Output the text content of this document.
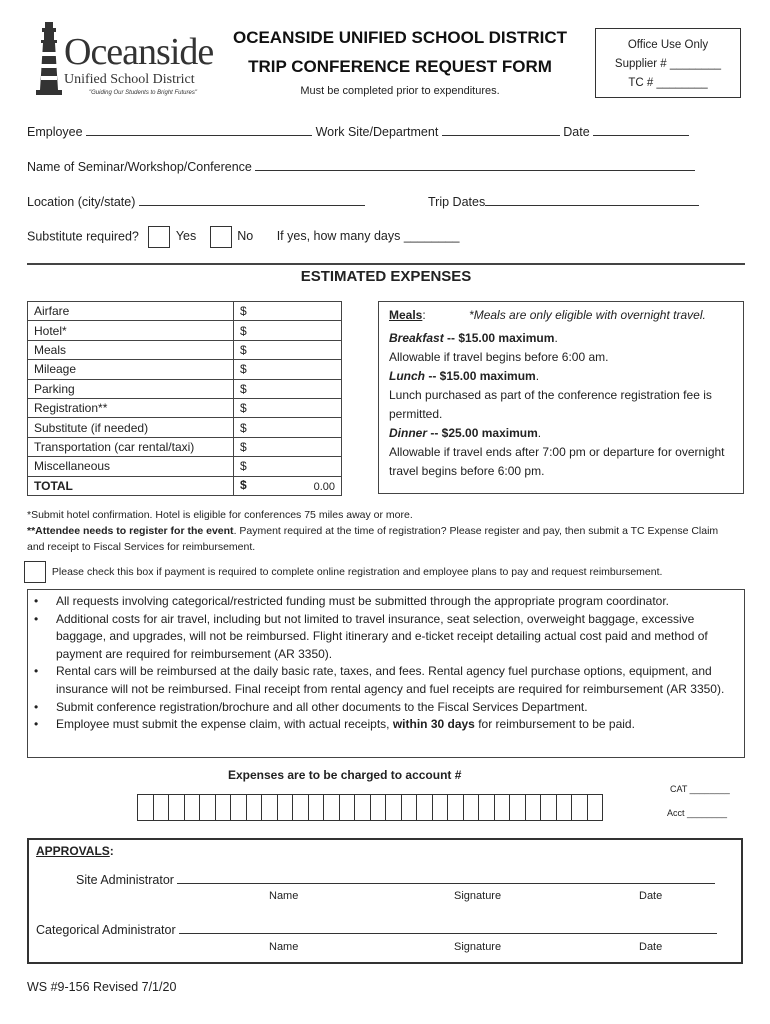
Oceanside
Unified School District
"Guiding Our Students to Bright Futures"
OCEANSIDE UNIFIED SCHOOL DISTRICT
TRIP CONFERENCE REQUEST FORM
Must be completed prior to expenditures.
Office Use Only
Supplier # ________
TC # ________
Employee	Work Site/Department	Date
Name of Seminar/Workshop/Conference
Location (city/state)	Trip Dates
Substitute required?	Yes	No If yes, how many days ________
ESTIMATED EXPENSES
Airfare	$

Hotel*	$

Meals	$

Mileage	$

Parking	$

Registration**	$

Substitute (if needed)	$

Transportation (car rental/taxi)	$

Miscellaneous	$

TOTAL	$ 0.00
Meals:	*Meals are only eligible with overnight travel.
Breakfast -- $15.00 maximum.
Allowable if travel begins before 6:00 am.
Lunch -- $15.00 maximum.
Lunch purchased as part of the conference registration fee is permitted.
Dinner -- $25.00 maximum.
Allowable if travel ends after 7:00 pm or departure for overnight travel begins before 6:00 pm.
*Submit hotel confirmation. Hotel is eligible for conferences 75 miles away or more.
**Attendee needs to register for the event. Payment required at the time of registration? Please register and pay, then submit a TC Expense Claim and receipt to Fiscal Services for reimbursement.
Please check this box if payment is required to complete online registration and employee plans to pay and request reimbursement.
• All requests involving categorical/restricted funding must be submitted through the appropriate program coordinator.
• Additional costs for air travel, including but not limited to travel insurance, seat selection, overweight baggage, excessive baggage, and upgrades, will not be reimbursed. Flight itinerary and e-ticket receipt detailing actual cost paid and method of payment are required for reimbursement (AR 3350).
• Rental cars will be reimbursed at the daily basic rate, taxes, and fees. Rental agency fuel purchase options, equipment, and insurance will not be reimbursed. Final receipt from rental agency and fuel receipts are required for reimbursement (AR 3350).
• Submit conference registration/brochure and all other documents to the Fiscal Services Department.
• Employee must submit the expense claim, with actual receipts, within 30 days for reimbursement to be paid.
Expenses are to be charged to account #
CAT ________
Acct ________
APPROVALS:
Site Administrator
Name	Signature	Date
Categorical Administrator
Name	Signature	Date
WS #9-156 Revised 7/1/20
